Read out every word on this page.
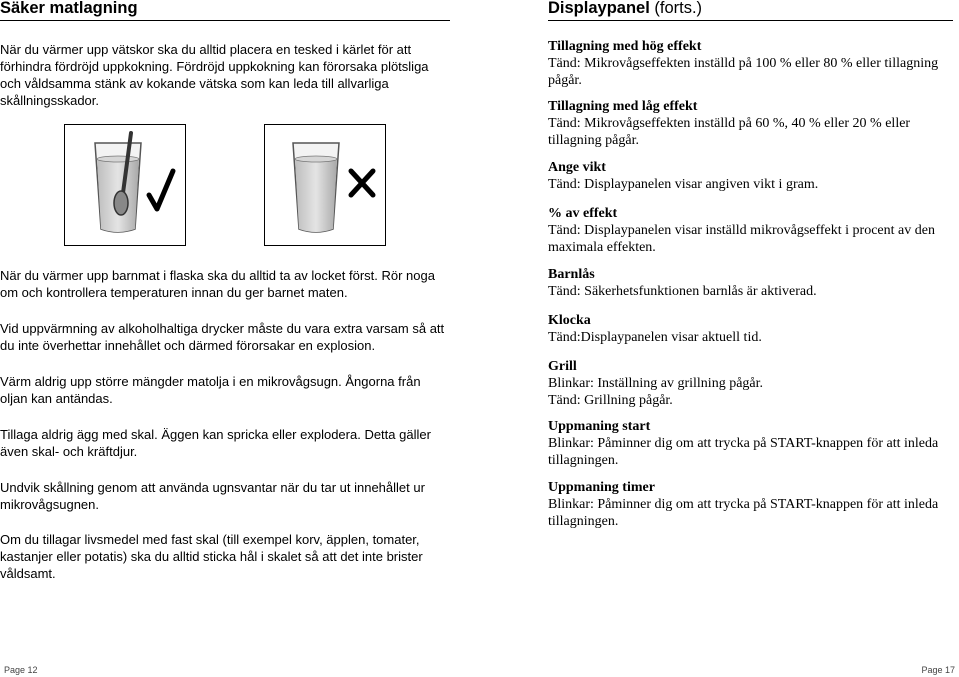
Säker matlagning

När du värmer upp vätskor ska du alltid placera en tesked i kärlet för att förhindra fördröjd uppkokning. Fördröjd uppkokning kan förorsaka plötsliga och våldsamma stänk av kokande vätska som kan leda till allvarliga skållningsskador.

När du värmer upp barnmat i flaska ska du alltid ta av locket först. Rör noga om och kontrollera temperaturen innan du ger barnet maten.

Vid uppvärmning av alkoholhaltiga drycker måste du vara extra varsam så att du inte överhettar innehållet och därmed förorsakar en explosion.

Värm aldrig upp större mängder matolja i en mikrovågsugn. Ångorna från oljan kan antändas.

Tillaga aldrig ägg med skal. Äggen kan spricka eller explodera. Detta gäller även skal- och kräftdjur.

Undvik skållning genom att använda ugnsvantar när du tar ut innehållet ur mikrovågsugnen.

Om du tillagar livsmedel med fast skal (till exempel korv, äpplen, tomater, kastanjer eller potatis) ska du alltid sticka hål i skalet så att det inte brister våldsamt.

Displaypanel (forts.)
Tillagning med hög effekt
Tänd: Mikrovågseffekten inställd på 100 % eller 80 % eller tillagning pågår.
Tillagning med låg effekt
Tänd: Mikrovågseffekten inställd på 60 %, 40 % eller 20 % eller tillagning pågår.
Ange vikt
Tänd: Displaypanelen visar angiven vikt i gram.
% av effekt
Tänd: Displaypanelen visar inställd mikrovågseffekt i procent av den maximala effekten.
Barnlås
Tänd: Säkerhetsfunktionen barnlås är aktiverad.
Klocka
Tänd:Displaypanelen visar aktuell tid.
Grill
Blinkar: Inställning av grillning pågår.
Tänd: Grillning pågår.
Uppmaning start
Blinkar: Påminner dig om att trycka på START-knappen för att inleda tillagningen.
Uppmaning timer
Blinkar: Påminner dig om att trycka på START-knappen för att inleda tillagningen.
Page 12	Page 17
